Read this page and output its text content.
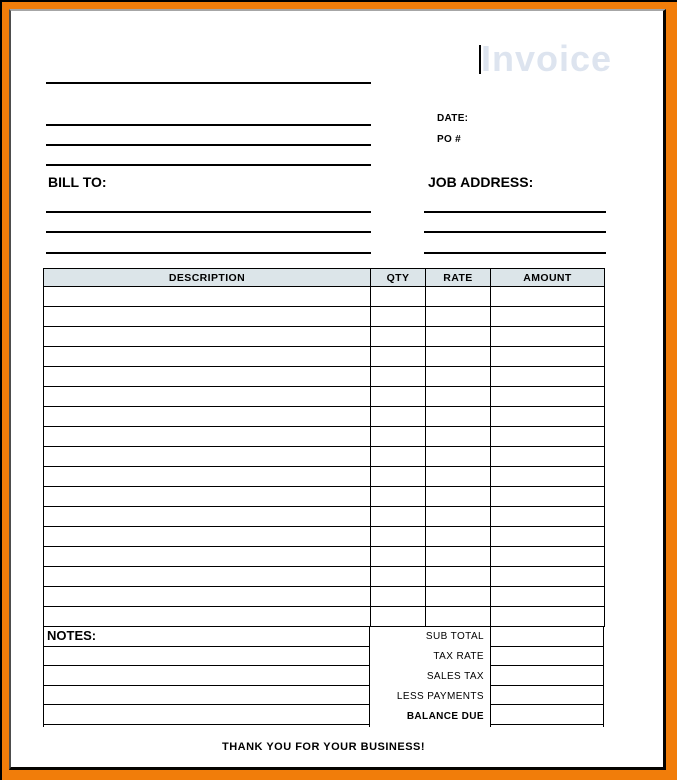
Invoice
DATE:
PO #
BILL TO:	JOB ADDRESS:
DESCRIPTION	QTY	RATE	AMOUNT

NOTES:	SUB TOTAL
TAX RATE
SALES TAX
LESS PAYMENTS
BALANCE DUE
THANK YOU FOR YOUR BUSINESS!
